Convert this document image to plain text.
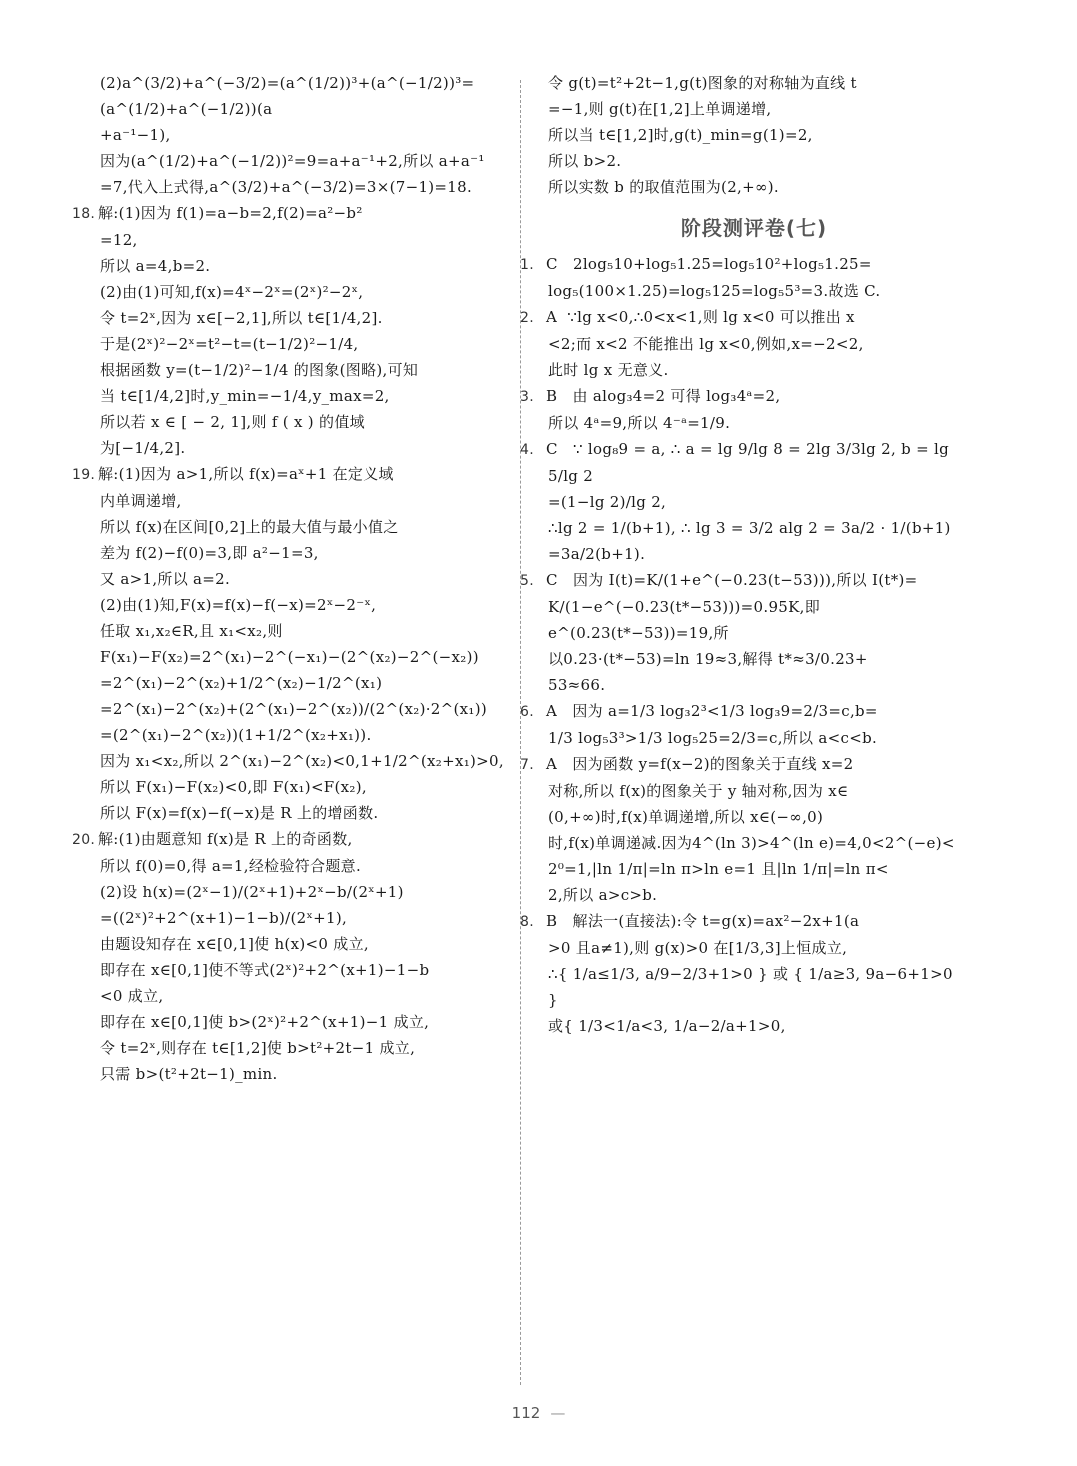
(2)a^(3/2)+a^(−3/2)=(a^(1/2))³+(a^(−1/2))³=(a^(1/2)+a^(−1/2))(a

+a⁻¹−1),

因为(a^(1/2)+a^(−1/2))²=9=a+a⁻¹+2,所以 a+a⁻¹

=7,代入上式得,a^(3/2)+a^(−3/2)=3×(7−1)=18.

18. 解:(1)因为 f(1)=a−b=2,f(2)=a²−b²

=12,

所以 a=4,b=2.

(2)由(1)可知,f(x)=4ˣ−2ˣ=(2ˣ)²−2ˣ,

令 t=2ˣ,因为 x∈[−2,1],所以 t∈[1/4,2].

于是(2ˣ)²−2ˣ=t²−t=(t−1/2)²−1/4,

根据函数 y=(t−1/2)²−1/4 的图象(图略),可知

当 t∈[1/4,2]时,y_min=−1/4,y_max=2,

所以若 x ∈ [ − 2, 1],则 f ( x ) 的值域

为[−1/4,2].

19. 解:(1)因为 a>1,所以 f(x)=aˣ+1 在定义域

内单调递增,

所以 f(x)在区间[0,2]上的最大值与最小值之

差为 f(2)−f(0)=3,即 a²−1=3,

又 a>1,所以 a=2.

(2)由(1)知,F(x)=f(x)−f(−x)=2ˣ−2⁻ˣ,

任取 x₁,x₂∈R,且 x₁<x₂,则

F(x₁)−F(x₂)=2^(x₁)−2^(−x₁)−(2^(x₂)−2^(−x₂))

=2^(x₁)−2^(x₂)+1/2^(x₂)−1/2^(x₁)

=2^(x₁)−2^(x₂)+(2^(x₁)−2^(x₂))/(2^(x₂)·2^(x₁))

=(2^(x₁)−2^(x₂))(1+1/2^(x₂+x₁)).

因为 x₁<x₂,所以 2^(x₁)−2^(x₂)<0,1+1/2^(x₂+x₁)>0,

所以 F(x₁)−F(x₂)<0,即 F(x₁)<F(x₂),

所以 F(x)=f(x)−f(−x)是 R 上的增函数.

20. 解:(1)由题意知 f(x)是 R 上的奇函数,

所以 f(0)=0,得 a=1,经检验符合题意.

(2)设 h(x)=(2ˣ−1)/(2ˣ+1)+2ˣ−b/(2ˣ+1)

=((2ˣ)²+2^(x+1)−1−b)/(2ˣ+1),

由题设知存在 x∈[0,1]使 h(x)<0 成立,

即存在 x∈[0,1]使不等式(2ˣ)²+2^(x+1)−1−b

<0 成立,

即存在 x∈[0,1]使 b>(2ˣ)²+2^(x+1)−1 成立,

令 t=2ˣ,则存在 t∈[1,2]使 b>t²+2t−1 成立,

只需 b>(t²+2t−1)_min.

令 g(t)=t²+2t−1,g(t)图象的对称轴为直线 t

=−1,则 g(t)在[1,2]上单调递增,

所以当 t∈[1,2]时,g(t)_min=g(1)=2,

所以 b>2.

所以实数 b 的取值范围为(2,+∞).

阶段测评卷(七)

1. C   2log₅10+log₅1.25=log₅10²+log₅1.25=

log₅(100×1.25)=log₅125=log₅5³=3.故选 C.

2. A  ∵lg x<0,∴0<x<1,则 lg x<0 可以推出 x

<2;而 x<2 不能推出 lg x<0,例如,x=−2<2,

此时 lg x 无意义.

3. B   由 alog₃4=2 可得 log₃4ᵃ=2,

所以 4ᵃ=9,所以 4⁻ᵃ=1/9.

4. C   ∵ log₈9 = a, ∴ a = lg 9/lg 8 = 2lg 3/3lg 2, b = lg 5/lg 2

=(1−lg 2)/lg 2,

∴lg 2 = 1/(b+1), ∴ lg 3 = 3/2 alg 2 = 3a/2 · 1/(b+1)

=3a/2(b+1).

5. C   因为 I(t)=K/(1+e^(−0.23(t−53))),所以 I(t*)=

K/(1−e^(−0.23(t*−53)))=0.95K,即 e^(0.23(t*−53))=19,所

以0.23·(t*−53)=ln 19≈3,解得 t*≈3/0.23+

53≈66.

6. A   因为 a=1/3 log₃2³<1/3 log₃9=2/3=c,b=

1/3 log₅3³>1/3 log₅25=2/3=c,所以 a<c<b.

7. A   因为函数 y=f(x−2)的图象关于直线 x=2

对称,所以 f(x)的图象关于 y 轴对称,因为 x∈

(0,+∞)时,f(x)单调递增,所以 x∈(−∞,0)

时,f(x)单调递减.因为4^(ln 3)>4^(ln e)=4,0<2^(−e)<

2⁰=1,|ln 1/π|=ln π>ln e=1 且|ln 1/π|=ln π<

2,所以 a>c>b.

8. B   解法一(直接法):令 t=g(x)=ax²−2x+1(a

>0 且a≠1),则 g(x)>0 在[1/3,3]上恒成立,

∴{ 1/a≤1/3, a/9−2/3+1>0 } 或 { 1/a≥3, 9a−6+1>0 }

或{ 1/3<1/a<3, 1/a−2/a+1>0,

112 —
